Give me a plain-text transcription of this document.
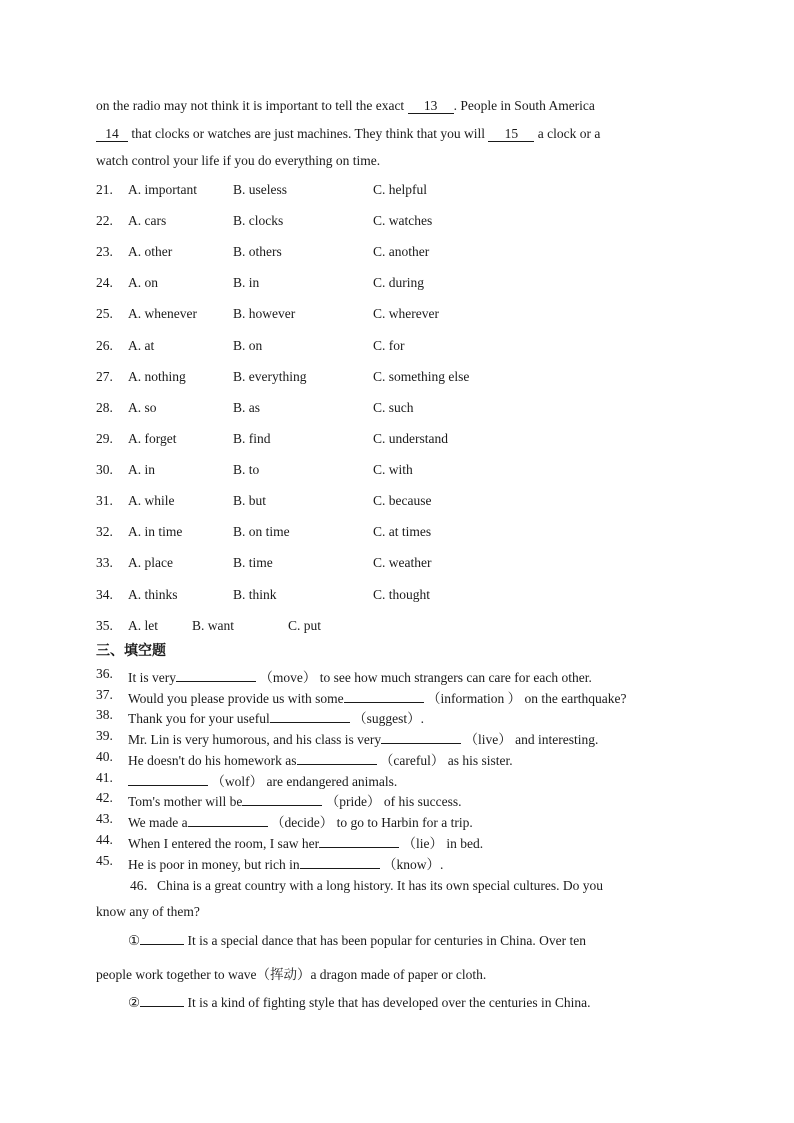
on the radio may not think it is important to tell the exact 13 . People in South America
14 that clocks or watches are just machines. They think that you will 15 a clock or a
watch control your life if you do everything on time.
21. A. important	B. useless	C. helpful
22. A. cars	B. clocks	C. watches
23. A. other	B. others	C. another
24. A. on	B. in	C. during
25. A. whenever	B. however	C. wherever
26. A. at	B. on	C. for
27. A. nothing	B. everything	C. something else
28. A. so	B. as	C. such
29. A. forget	B. find	C. understand
30. A. in	B. to	C. with
31. A. while	B. but	C. because
32. A. in time	B. on time	C. at times
33. A. place	B. time	C. weather
34. A. thinks	B. think	C. thought
35. A. let	B. want	C. put
三、填空题
36. It is very	（move） to see how much strangers can care for each other.
37. Would you please provide us with some	（information ） on the earthquake?
38. Thank you for your useful	（suggest）.
39. Mr. Lin is very humorous, and his class is very	（live） and interesting.
40. He doesn't do his homework as	（careful） as his sister.
41.	（wolf） are endangered animals.
42. Tom's mother will be	（pride） of his success.
43. We made a	（decide） to go to Harbin for a trip.
44. When I entered the room, I saw her	（lie） in bed.
45. He is poor in money, but rich in	（know）.
46．China is a great country with a long history. It has its own special cultures. Do you
know any of them?
①	It is a special dance that has been popular for centuries in China. Over ten
people work together to wave（挥动）a dragon made of paper or cloth.
②	It is a kind of fighting style that has developed over the centuries in China.
